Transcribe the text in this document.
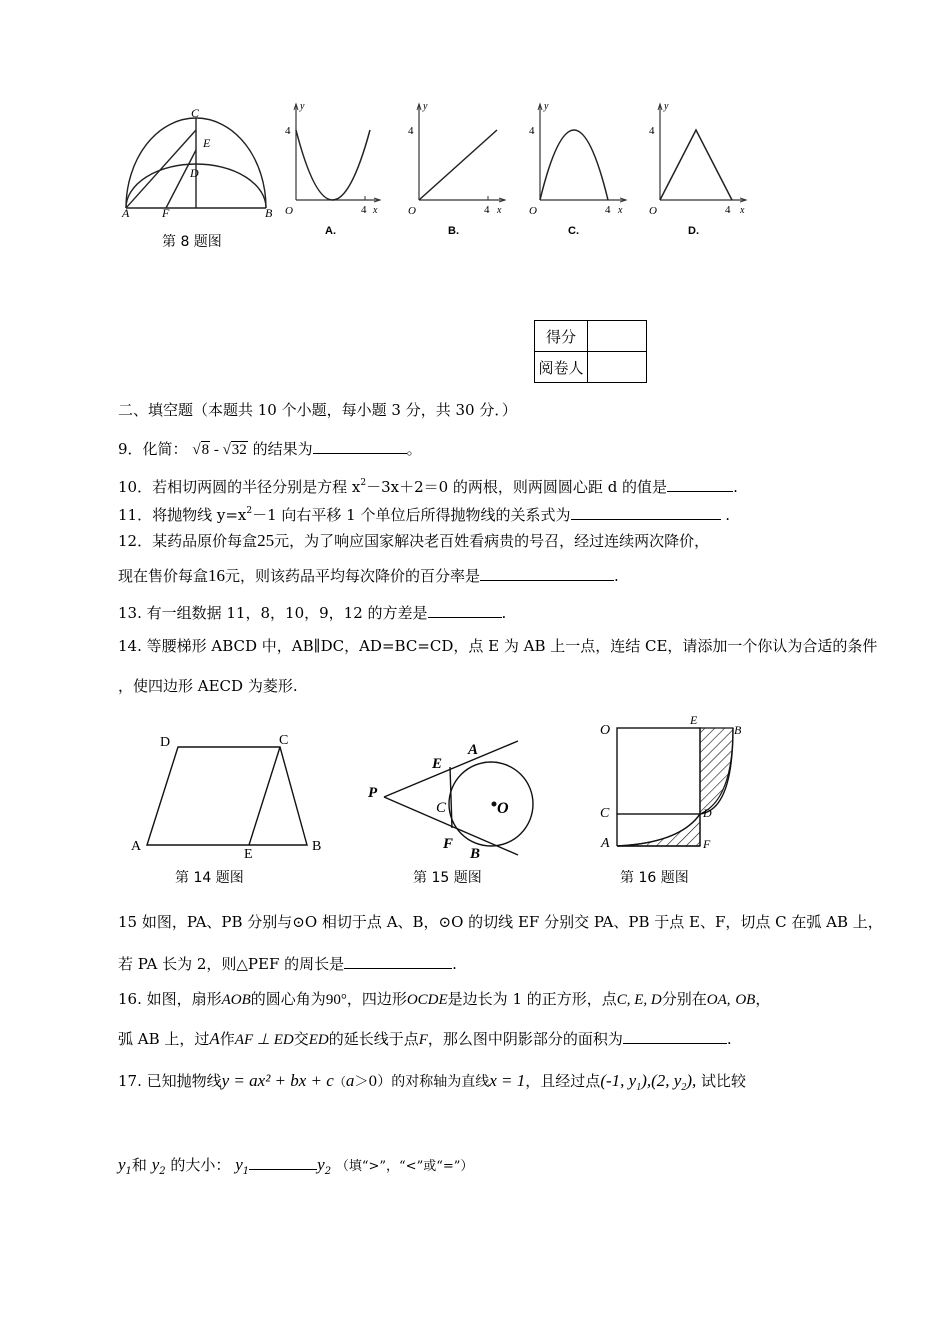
A	B
C
D
E
F
y
4
4 x
O
A.
y
4
4 x
O
B.
y
4
4 x
O
C.
y
4
4 x
O
D.
第 8 题图
得分	
阅卷人	
二、填空题（本题共 10 个小题，每小题 3 分，共 30 分．）
9．化简： √8 - √32 的结果为	。
10．若相切两圆的半径分别是方程 $x^2-3x+2=0$ 的两根，则两圆圆心距 d 的值是	.
11．将抛物线 $y=x^2-1$ 向右平移 1 个单位后所得抛物线的关系式为	.
12．某药品原价每盒25元，为了响应国家解决老百姓看病贵的号召，经过连续两次降价，
现在售价每盒16元，则该药品平均每次降价的百分率是	.
13. 有一组数据 11，8，10，9，12 的方差是	.
14. 等腰梯形 ABCD 中，AB∥DC，AD=BC=CD，点 E 为 AB 上一点，连结 CE，请添加一个你认为合适的条件
，使四边形 AECD 为菱形.
D	C
A	B
E
P
A
E
C	O
F
B
O
E
B
C	D
A	F
第 14 题图	第 15 题图	第 16 题图
15 如图，PA、PB 分别与⊙O 相切于点 A、B，⊙O 的切线 EF 分别交 PA、PB 于点 E、F，切点 C 在弧 AB 上，
若 PA 长为 2，则△PEF 的周长是	.
16. 如图，扇形AOB的圆心角为90°，四边形OCDE是边长为 1 的正方形，点C, E, D分别在OA, OB，
弧 AB 上，过A作AF ⊥ ED交ED的延长线于点F，那么图中阴影部分的面积为	.
17. 已知抛物线y = ax² + bx + c（a＞0）的对称轴为直线x = 1，且经过点(-1, $y_1),(2$, $y_2$), 试比较
$y_1$和 $y_2$ 的大小： $y_1$	$y_2$ （填“>”，“<”或“=”）
